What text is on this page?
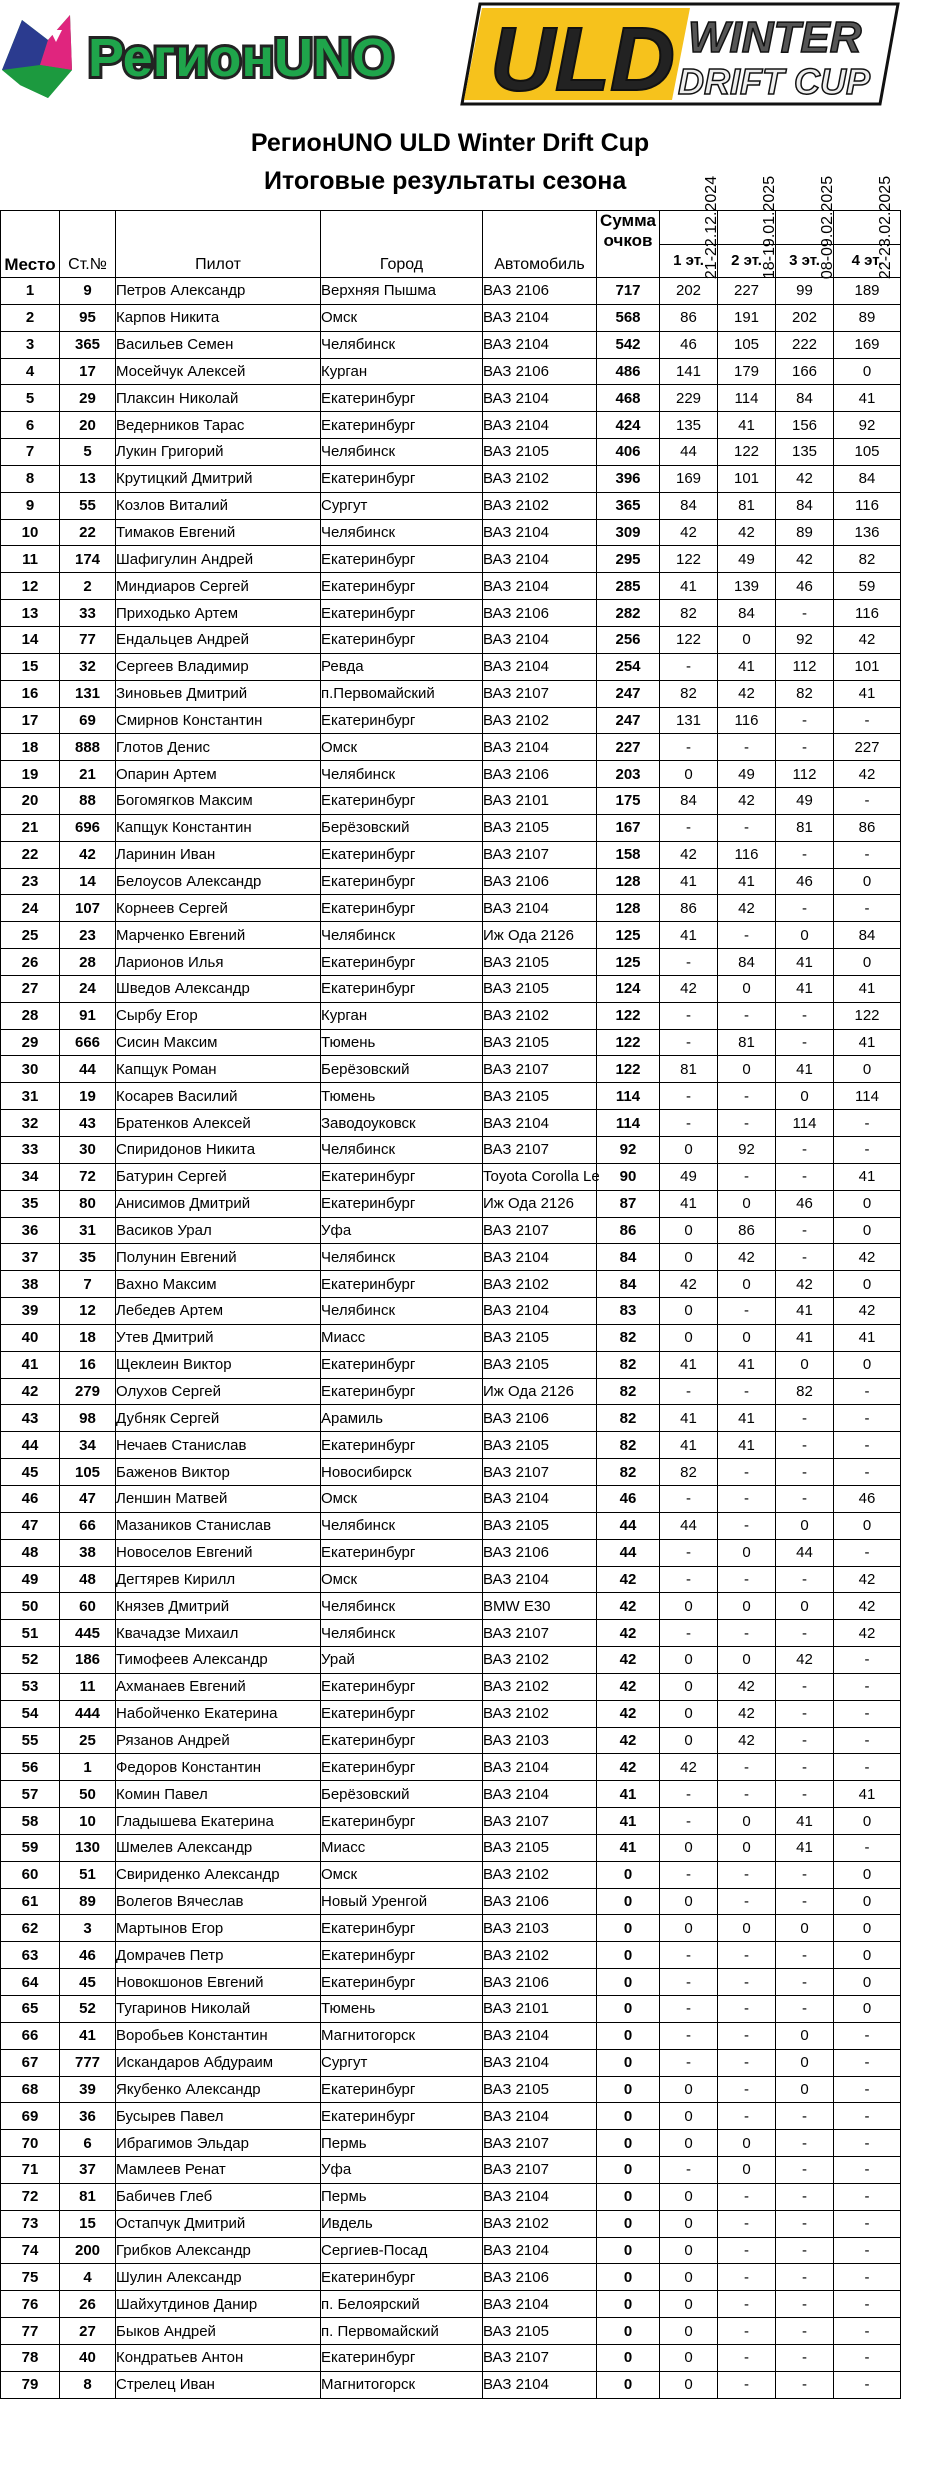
РегионUNO ULD WINTER
DRIFT CUP
РегионUNO ULD Winter Drift Cup
Итоговые результаты сезона
Место	Ст.№	Пилот	Город	Автомобиль	Сумма очков	21-22.12.2024	18-19.01.2025	08-09.02.2025	22-23.02.2025
						1 эт.	2 эт.	3 эт.	4 эт.
1	9	Петров Александр	Верхняя Пышма	ВАЗ 2106	717	202	227	99	189
2	95	Карпов Никита	Омск	ВАЗ 2104	568	86	191	202	89
3	365	Васильев Семен	Челябинск	ВАЗ 2104	542	46	105	222	169
4	17	Мосейчук Алексей	Курган	ВАЗ 2106	486	141	179	166	0
5	29	Плаксин Николай	Екатеринбург	ВАЗ 2104	468	229	114	84	41
6	20	Ведерников Тарас	Екатеринбург	ВАЗ 2104	424	135	41	156	92
7	5	Лукин Григорий	Челябинск	ВАЗ 2105	406	44	122	135	105
8	13	Крутицкий Дмитрий	Екатеринбург	ВАЗ 2102	396	169	101	42	84
9	55	Козлов Виталий	Сургут	ВАЗ 2102	365	84	81	84	116
10	22	Тимаков Евгений	Челябинск	ВАЗ 2104	309	42	42	89	136
11	174	Шафигулин Андрей	Екатеринбург	ВАЗ 2104	295	122	49	42	82
12	2	Миндиаров Сергей	Екатеринбург	ВАЗ 2104	285	41	139	46	59
13	33	Приходько Артем	Екатеринбург	ВАЗ 2106	282	82	84	-	116
14	77	Ендальцев Андрей	Екатеринбург	ВАЗ 2104	256	122	0	92	42
15	32	Сергеев Владимир	Ревда	ВАЗ 2104	254	-	41	112	101
16	131	Зиновьев Дмитрий	п.Первомайский	ВАЗ 2107	247	82	42	82	41
17	69	Смирнов Константин	Екатеринбург	ВАЗ 2102	247	131	116	-	-
18	888	Глотов Денис	Омск	ВАЗ 2104	227	-	-	-	227
19	21	Опарин Артем	Челябинск	ВАЗ 2106	203	0	49	112	42
20	88	Богомягков Максим	Екатеринбург	ВАЗ 2101	175	84	42	49	-
21	696	Капщук Константин	Берёзовский	ВАЗ 2105	167	-	-	81	86
22	42	Ларинин Иван	Екатеринбург	ВАЗ 2107	158	42	116	-	-
23	14	Белоусов Александр	Екатеринбург	ВАЗ 2106	128	41	41	46	0
24	107	Корнеев Сергей	Екатеринбург	ВАЗ 2104	128	86	42	-	-
25	23	Марченко Евгений	Челябинск	Иж Ода 2126	125	41	-	0	84
26	28	Ларионов Илья	Екатеринбург	ВАЗ 2105	125	-	84	41	0
27	24	Шведов Александр	Екатеринбург	ВАЗ 2105	124	42	0	41	41
28	91	Сырбу Егор	Курган	ВАЗ 2102	122	-	-	-	122
29	666	Сисин Максим	Тюмень	ВАЗ 2105	122	-	81	-	41
30	44	Капщук Роман	Берёзовский	ВАЗ 2107	122	81	0	41	0
31	19	Косарев Василий	Тюмень	ВАЗ 2105	114	-	-	0	114
32	43	Братенков Алексей	Заводоуковск	ВАЗ 2104	114	-	-	114	-
33	30	Спиридонов Никита	Челябинск	ВАЗ 2107	92	0	92	-	-
34	72	Батурин Сергей	Екатеринбург	Toyota Corolla Le	90	49	-	-	41
35	80	Анисимов Дмитрий	Екатеринбург	Иж Ода 2126	87	41	0	46	0
36	31	Васиков Урал	Уфа	ВАЗ 2107	86	0	86	-	0
37	35	Полунин Евгений	Челябинск	ВАЗ 2104	84	0	42	-	42
38	7	Вахно Максим	Екатеринбург	ВАЗ 2102	84	42	0	42	0
39	12	Лебедев Артем	Челябинск	ВАЗ 2104	83	0	-	41	42
40	18	Утев Дмитрий	Миасс	ВАЗ 2105	82	0	0	41	41
41	16	Щеклеин Виктор	Екатеринбург	ВАЗ 2105	82	41	41	0	0
42	279	Олухов Сергей	Екатеринбург	Иж Ода 2126	82	-	-	82	-
43	98	Дубняк Сергей	Арамиль	ВАЗ 2106	82	41	41	-	-
44	34	Нечаев Станислав	Екатеринбург	ВАЗ 2105	82	41	41	-	-
45	105	Баженов Виктор	Новосибирск	ВАЗ 2107	82	82	-	-	-
46	47	Леншин Матвей	Омск	ВАЗ 2104	46	-	-	-	46
47	66	Мазаников Станислав	Челябинск	ВАЗ 2105	44	44	-	0	0
48	38	Новоселов Евгений	Екатеринбург	ВАЗ 2106	44	-	0	44	-
49	48	Дегтярев Кирилл	Омск	ВАЗ 2104	42	-	-	-	42
50	60	Князев Дмитрий	Челябинск	BMW E30	42	0	0	0	42
51	445	Квачадзе Михаил	Челябинск	ВАЗ 2107	42	-	-	-	42
52	186	Тимофеев Александр	Урай	ВАЗ 2102	42	0	0	42	-
53	11	Ахманаев Евгений	Екатеринбург	ВАЗ 2102	42	0	42	-	-
54	444	Набойченко Екатерина	Екатеринбург	ВАЗ 2102	42	0	42	-	-
55	25	Рязанов Андрей	Екатеринбург	ВАЗ 2103	42	0	42	-	-
56	1	Федоров Константин	Екатеринбург	ВАЗ 2104	42	42	-	-	-
57	50	Комин Павел	Берёзовский	ВАЗ 2104	41	-	-	-	41
58	10	Гладышева Екатерина	Екатеринбург	ВАЗ 2107	41	-	0	41	0
59	130	Шмелев Александр	Миасс	ВАЗ 2105	41	0	0	41	-
60	51	Свириденко Александр	Омск	ВАЗ 2102	0	-	-	-	0
61	89	Волегов Вячеслав	Новый Уренгой	ВАЗ 2106	0	0	-	-	0
62	3	Мартынов Егор	Екатеринбург	ВАЗ 2103	0	0	0	0	0
63	46	Домрачев Петр	Екатеринбург	ВАЗ 2102	0	-	-	-	0
64	45	Новокшонов Евгений	Екатеринбург	ВАЗ 2106	0	-	-	-	0
65	52	Тугаринов Николай	Тюмень	ВАЗ 2101	0	-	-	-	0
66	41	Воробьев Константин	Магнитогорск	ВАЗ 2104	0	-	-	0	-
67	777	Искандаров Абдураим	Сургут	ВАЗ 2104	0	-	-	0	-
68	39	Якубенко Александр	Екатеринбург	ВАЗ 2105	0	0	-	0	-
69	36	Бусырев Павел	Екатеринбург	ВАЗ 2104	0	0	-	-	-
70	6	Ибрагимов Эльдар	Пермь	ВАЗ 2107	0	0	0	-	-
71	37	Мамлеев Ренат	Уфа	ВАЗ 2107	0	-	0	-	-
72	81	Бабичев Глеб	Пермь	ВАЗ 2104	0	0	-	-	-
73	15	Остапчук Дмитрий	Ивдель	ВАЗ 2102	0	0	-	-	-
74	200	Грибков Александр	Сергиев-Посад	ВАЗ 2104	0	0	-	-	-
75	4	Шулин Александр	Екатеринбург	ВАЗ 2106	0	0	-	-	-
76	26	Шайхутдинов Данир	п. Белоярский	ВАЗ 2104	0	0	-	-	-
77	27	Быков Андрей	п. Первомайский	ВАЗ 2105	0	0	-	-	-
78	40	Кондратьев Антон	Екатеринбург	ВАЗ 2107	0	0	-	-	-
79	8	Стрелец Иван	Магнитогорск	ВАЗ 2104	0	0	-	-	-
